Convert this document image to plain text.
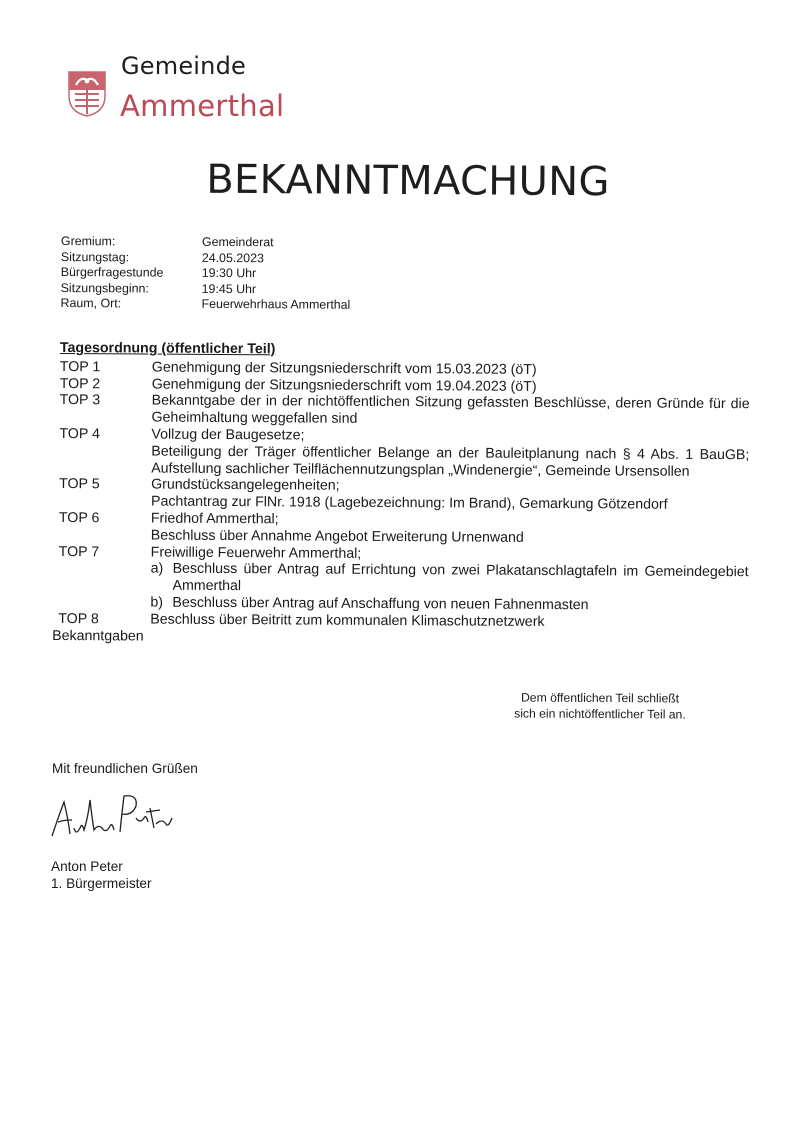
Gemeinde
Ammerthal
BEKANNTMACHUNG
Gremium:	Gemeinderat
Sitzungstag:	24.05.2023
Bürgerfragestunde	19:30 Uhr
Sitzungsbeginn:	19:45 Uhr
Raum, Ort:	Feuerwehrhaus Ammerthal
Tagesordnung (öffentlicher Teil)
TOP 1	Genehmigung der Sitzungsniederschrift vom 15.03.2023 (öT)
TOP 2	Genehmigung der Sitzungsniederschrift vom 19.04.2023 (öT)
TOP 3	Bekanntgabe der in der nichtöffentlichen Sitzung gefassten Beschlüsse, deren Gründe für die Geheimhaltung weggefallen sind
TOP 4	Vollzug der Baugesetze;
Beteiligung der Träger öffentlicher Belange an der Bauleitplanung nach § 4 Abs. 1 BauGB; Aufstellung sachlicher Teilflächennutzungsplan „Windenergie“, Gemeinde Ursensollen
TOP 5	Grundstücksangelegenheiten;
Pachtantrag zur FlNr. 1918 (Lagebezeichnung: Im Brand), Gemarkung Götzendorf
TOP 6	Friedhof Ammerthal;
Beschluss über Annahme Angebot Erweiterung Urnenwand
TOP 7	Freiwillige Feuerwehr Ammerthal;
a) Beschluss über Antrag auf Errichtung von zwei Plakatanschlagtafeln im Gemeindegebiet Ammerthal
b) Beschluss über Antrag auf Anschaffung von neuen Fahnenmasten
TOP 8	Beschluss über Beitritt zum kommunalen Klimaschutznetzwerk
Bekanntgaben
Dem öffentlichen Teil schließt
sich ein nichtöffentlicher Teil an.
Mit freundlichen Grüßen
Anton Peter
1. Bürgermeister
